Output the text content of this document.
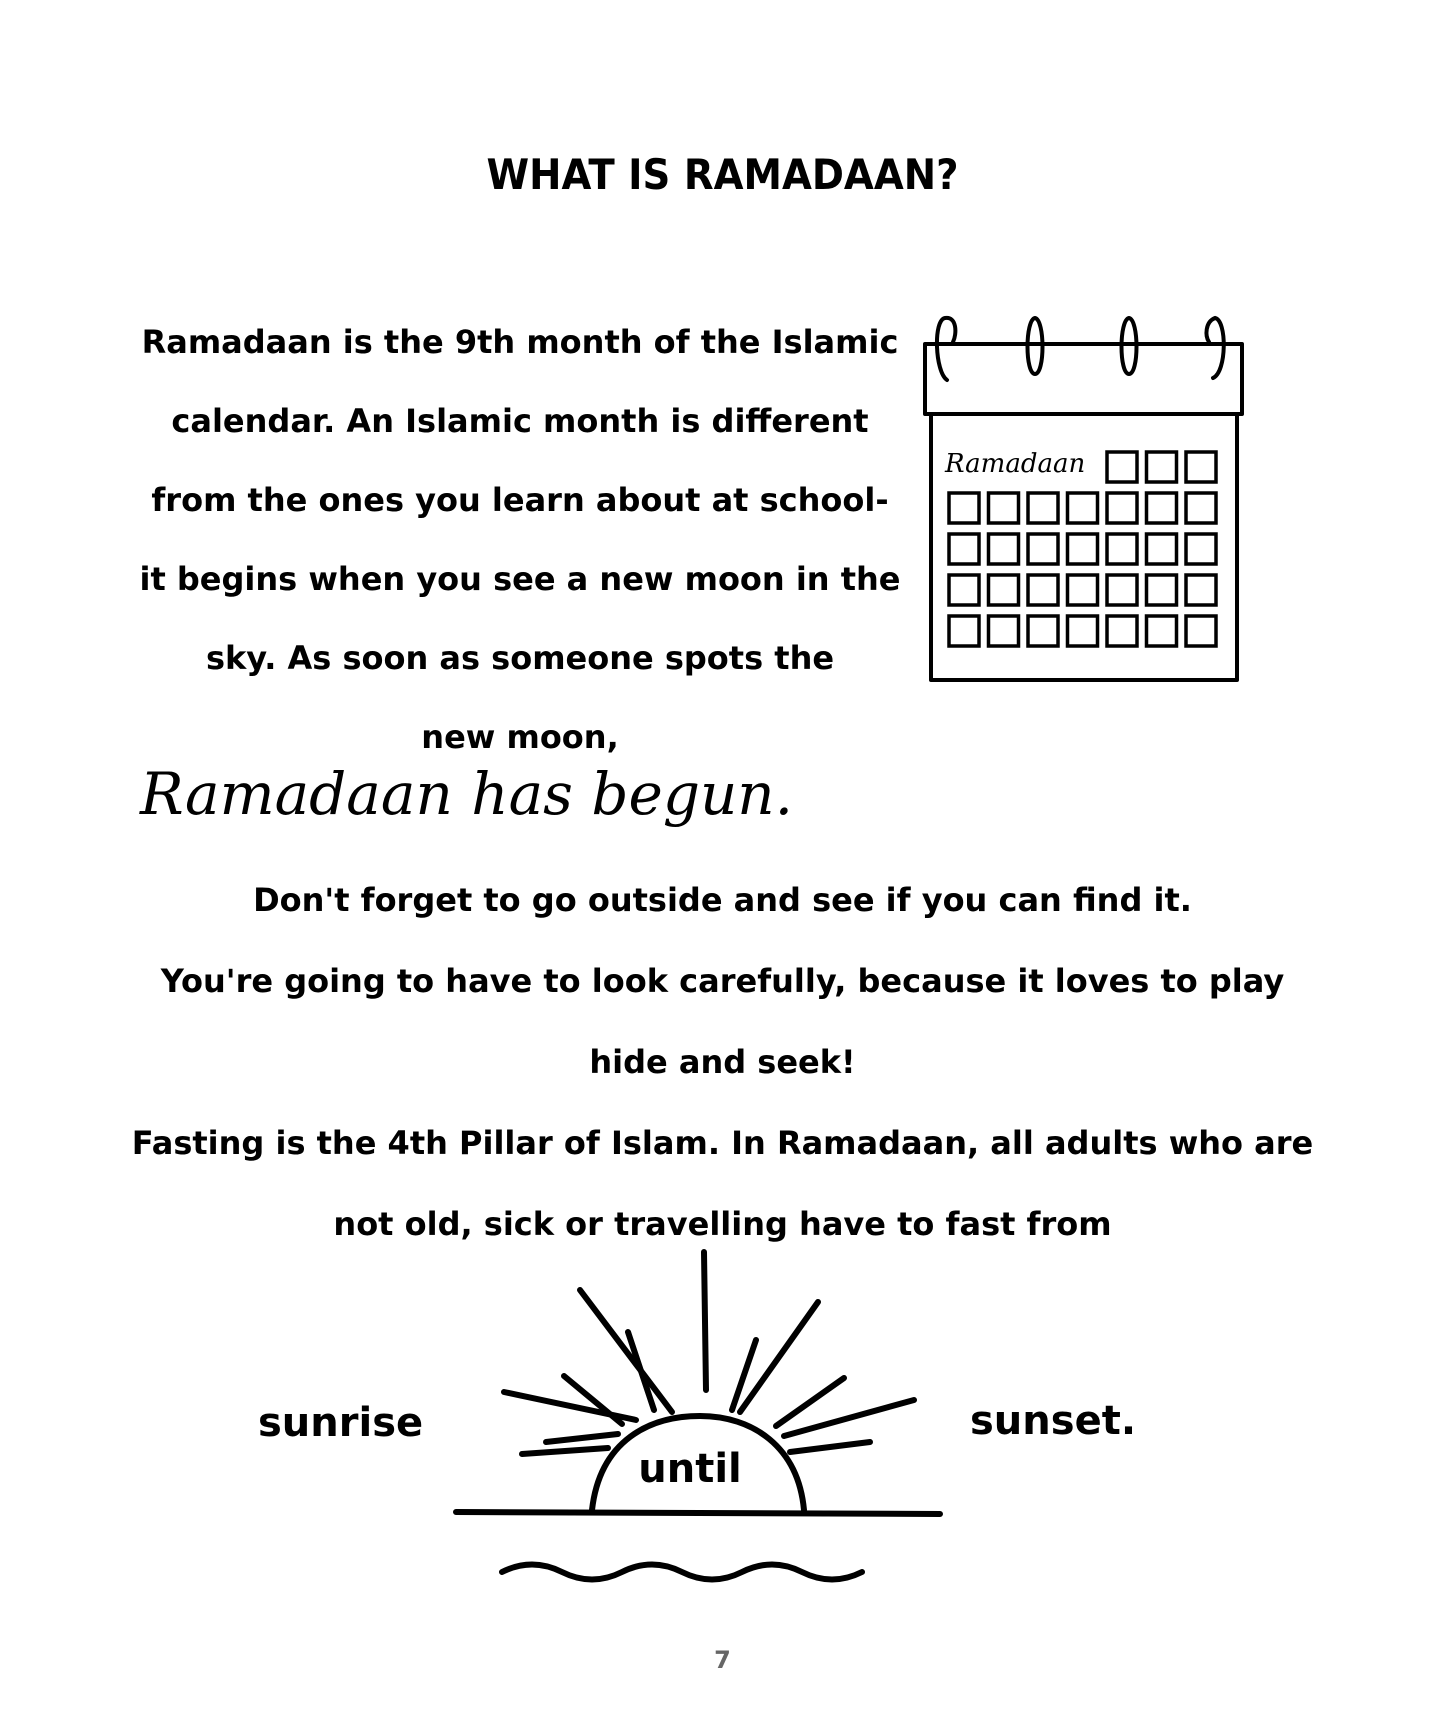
WHAT IS RAMADAAN?
Ramadaan is the 9th month of the Islamic
calendar. An Islamic month is different
from the ones you learn about at school-
it begins when you see a new moon in the
sky. As soon as someone spots the
new moon,
Ramadaan
Ramadaan has begun.
Don't forget to go outside and see if you can find it.
You're going to have to look carefully, because it loves to play
hide and seek!
Fasting is the 4th Pillar of Islam. In Ramadaan, all adults who are
not old, sick or travelling have to fast from
sunrise
until
sunset.
7
